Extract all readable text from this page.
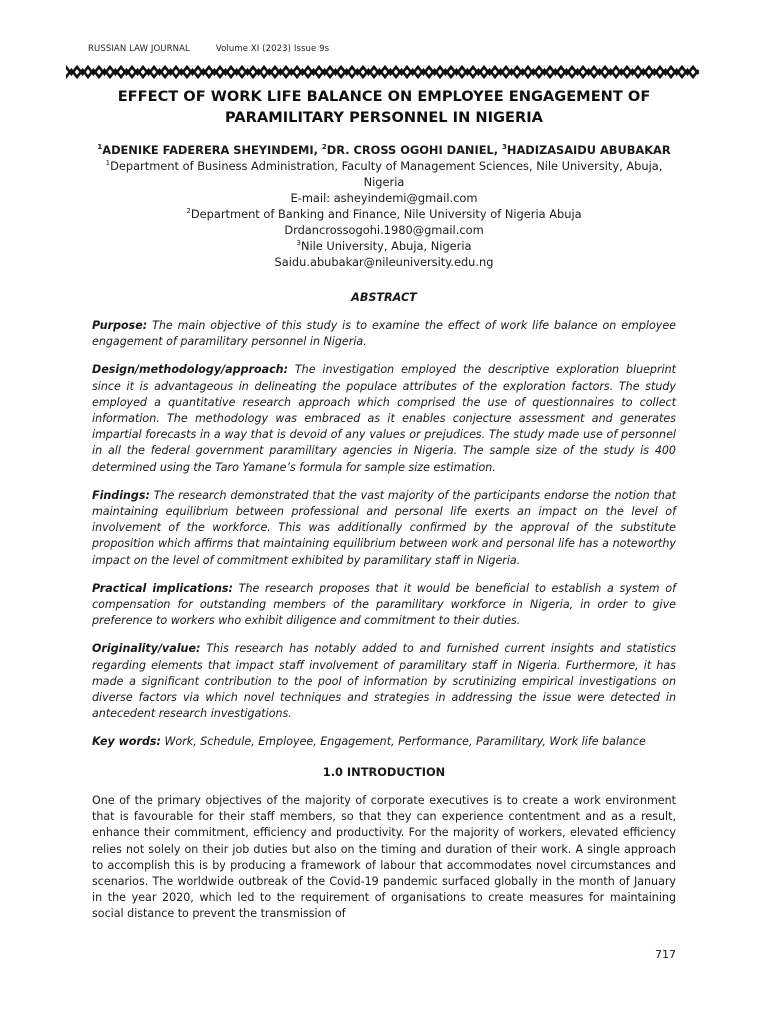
RUSSIAN LAW JOURNAL	Volume XI (2023) Issue 9s
EFFECT OF WORK LIFE BALANCE ON EMPLOYEE ENGAGEMENT OF PARAMILITARY PERSONNEL IN NIGERIA

$^1$ADENIKE FADERERA SHEYINDEMI, $^2$DR. CROSS OGOHI DANIEL, $^3$HADIZASAIDU ABUBAKAR

$^1$Department of Business Administration, Faculty of Management Sciences, Nile University, Abuja, Nigeria

E-mail: asheyindemi@gmail.com

$^2$Department of Banking and Finance, Nile University of Nigeria Abuja

Drdancrossogohi.1980@gmail.com

$^3$Nile University, Abuja, Nigeria

Saidu.abubakar@nileuniversity.edu.ng

ABSTRACT

Purpose: The main objective of this study is to examine the effect of work life balance on employee engagement of paramilitary personnel in Nigeria.

Design/methodology/approach: The investigation employed the descriptive exploration blueprint since it is advantageous in delineating the populace attributes of the exploration factors. The study employed a quantitative research approach which comprised the use of questionnaires to collect information. The methodology was embraced as it enables conjecture assessment and generates impartial forecasts in a way that is devoid of any values or prejudices. The study made use of personnel in all the federal government paramilitary agencies in Nigeria. The sample size of the study is 400 determined using the Taro Yamane’s formula for sample size estimation.

Findings: The research demonstrated that the vast majority of the participants endorse the notion that maintaining equilibrium between professional and personal life exerts an impact on the level of involvement of the workforce. This was additionally confirmed by the approval of the substitute proposition which affirms that maintaining equilibrium between work and personal life has a noteworthy impact on the level of commitment exhibited by paramilitary staff in Nigeria.

Practical implications: The research proposes that it would be beneficial to establish a system of compensation for outstanding members of the paramilitary workforce in Nigeria, in order to give preference to workers who exhibit diligence and commitment to their duties.

Originality/value: This research has notably added to and furnished current insights and statistics regarding elements that impact staff involvement of paramilitary staff in Nigeria. Furthermore, it has made a significant contribution to the pool of information by scrutinizing empirical investigations on diverse factors via which novel techniques and strategies in addressing the issue were detected in antecedent research investigations.

Key words: Work, Schedule, Employee, Engagement, Performance, Paramilitary, Work life balance

1.0 INTRODUCTION

One of the primary objectives of the majority of corporate executives is to create a work environment that is favourable for their staff members, so that they can experience contentment and as a result, enhance their commitment, efficiency and productivity. For the majority of workers, elevated efficiency relies not solely on their job duties but also on the timing and duration of their work. A single approach to accomplish this is by producing a framework of labour that accommodates novel circumstances and scenarios. The worldwide outbreak of the Covid-19 pandemic surfaced globally in the month of January in the year 2020, which led to the requirement of organisations to create measures for maintaining social distance to prevent the transmission of

717
